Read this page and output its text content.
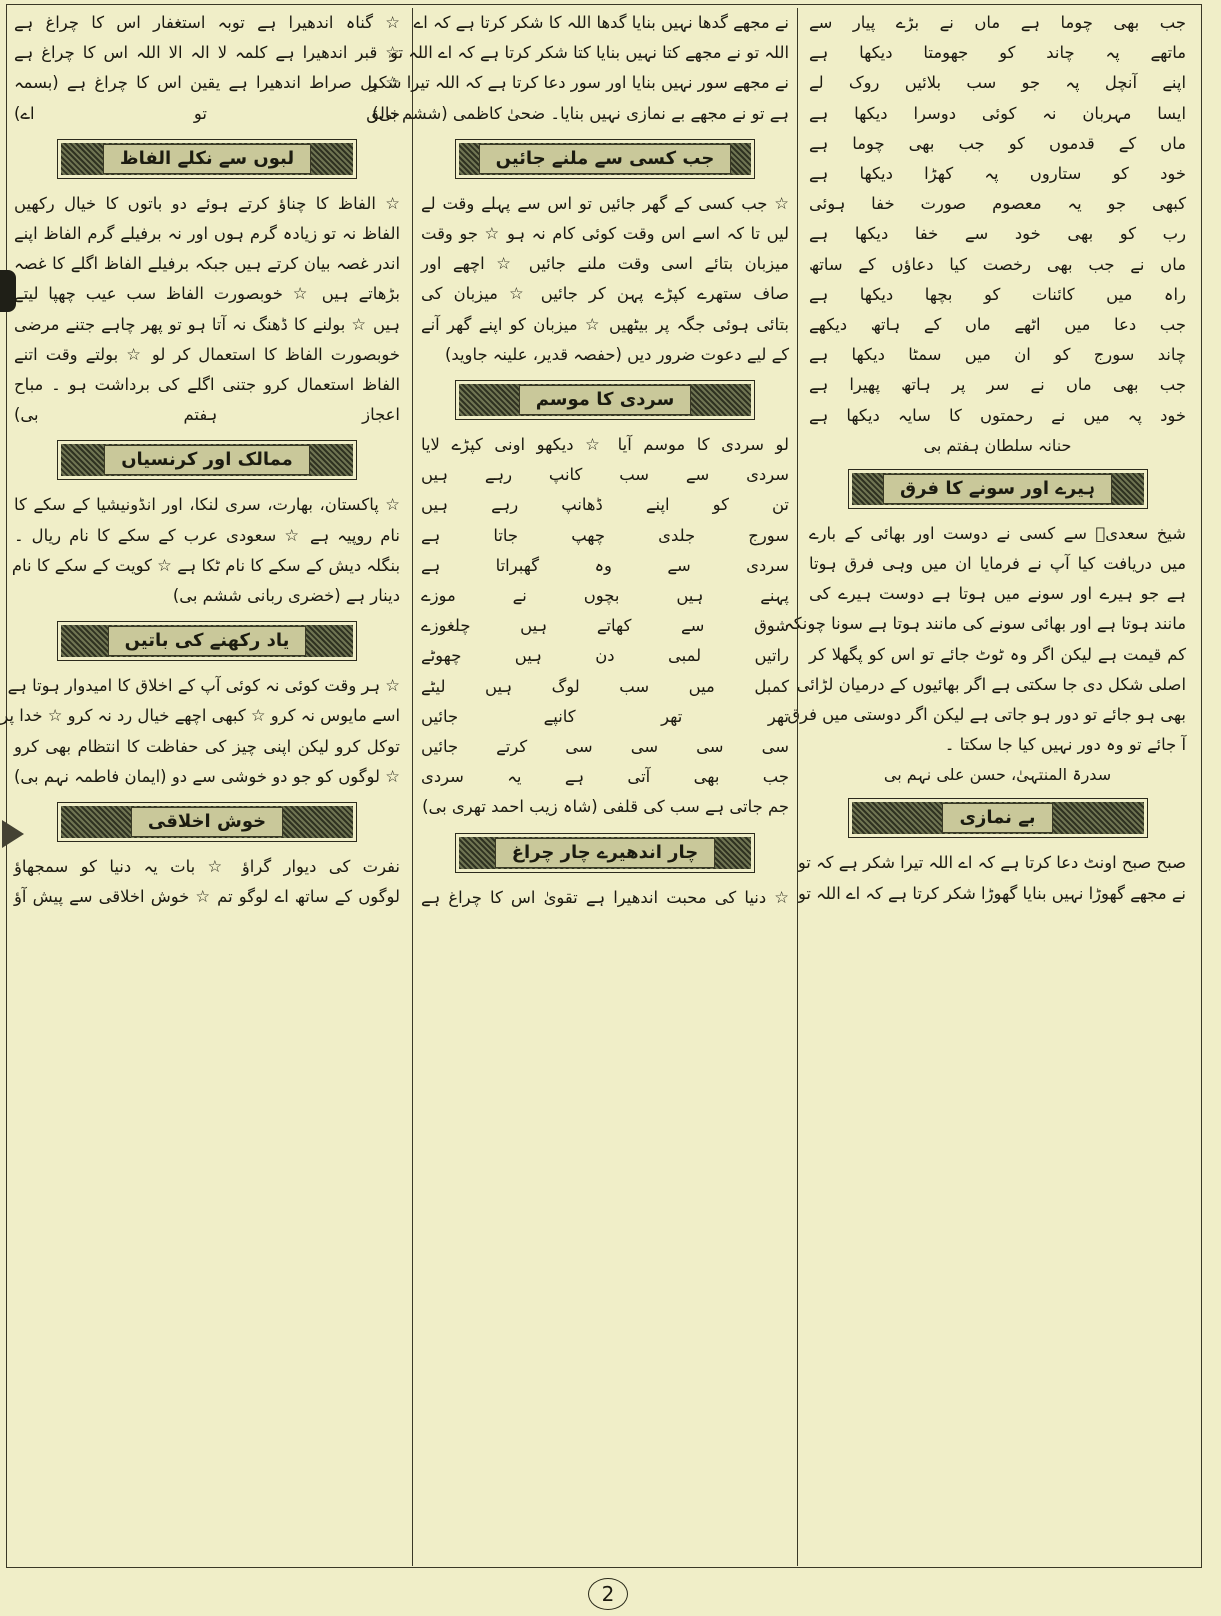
جب بھی چوما ہے ماں نے بڑے پیار سے
ماتھے پہ چاند کو جھومتا دیکھا ہے
اپنے آنچل پہ جو سب بلائیں روک لے
ایسا مہربان نہ کوئی دوسرا دیکھا ہے
ماں کے قدموں کو جب بھی چوما ہے
خود کو ستاروں پہ کھڑا دیکھا ہے
کبھی جو یہ معصوم صورت خفا ہوئی
رب کو بھی خود سے خفا دیکھا ہے
ماں نے جب بھی رخصت کیا دعاؤں کے ساتھ
راہ میں کائنات کو بچھا دیکھا ہے
جب دعا میں اٹھے ماں کے ہاتھ دیکھے
چاند سورج کو ان میں سمٹا دیکھا ہے
جب بھی ماں نے سر پر ہاتھ پھیرا ہے
خود پہ میں نے رحمتوں کا سایہ دیکھا ہے
حنانہ سلطان ہفتم بی
ہیرے اور سونے کا فرق
شیخ سعدیؒ سے کسی نے دوست اور بھائی کے بارے
میں دریافت کیا آپ نے فرمایا ان میں وہی فرق ہوتا
ہے جو ہیرے اور سونے میں ہوتا ہے دوست ہیرے کی
مانند ہوتا ہے اور بھائی سونے کی مانند ہوتا ہے سونا چونکہ
کم قیمت ہے لیکن اگر وہ ٹوٹ جائے تو اس کو پگھلا کر
اصلی شکل دی جا سکتی ہے اگر بھائیوں کے درمیان لڑائی
بھی ہو جائے تو دور ہو جاتی ہے لیکن اگر دوستی میں فرق
آ جائے تو وہ دور نہیں کیا جا سکتا ۔
سدرۃ المنتہیٰ، حسن علی نہم بی
بے نمازی
صبح صبح اونٹ دعا کرتا ہے کہ اے اللہ تیرا شکر ہے کہ تو
نے مجھے گھوڑا نہیں بنایا گھوڑا شکر کرتا ہے کہ اے اللہ تو
نے مجھے گدھا نہیں بنایا گدھا اللہ کا شکر کرتا ہے کہ اے
اللہ تو نے مجھے کتا نہیں بنایا کتا شکر کرتا ہے کہ اے اللہ تو
نے مجھے سور نہیں بنایا اور سور دعا کرتا ہے کہ اللہ تیرا شکر
ہے تو نے مجھے بے نمازی نہیں بنایا۔ ضحیٰ کاظمی (ششم بی)
جب کسی سے ملنے جائیں
☆ جب کسی کے گھر جائیں تو اس سے پہلے وقت لے
لیں تا کہ اسے اس وقت کوئی کام نہ ہو ☆ جو وقت
میزبان بتائے اسی وقت ملنے جائیں ☆ اچھے اور
صاف ستھرے کپڑے پہن کر جائیں ☆ میزبان کی
بتائی ہوئی جگہ پر بیٹھیں ☆ میزبان کو اپنے گھر آنے
کے لیے دعوت ضرور دیں (حفصہ قدیر، علینہ جاوید)
سردی کا موسم
لو سردی کا موسم آیا ☆ دیکھو اونی کپڑے لایا
سردی سے سب کانپ رہے ہیں
تن کو اپنے ڈھانپ رہے ہیں
سورج جلدی چھپ جاتا ہے
سردی سے وہ گھبراتا ہے
پہنے ہیں بچوں نے موزے
شوق سے کھاتے ہیں چلغوزے
راتیں لمبی دن ہیں چھوٹے
کمبل میں سب لوگ ہیں لیٹے
تھر تھر کانپے جائیں
سی سی سی سی کرتے جائیں
جب بھی آتی ہے یہ سردی
جم جاتی ہے سب کی قلفی (شاہ زیب احمد تھری بی)
چار اندھیرے چار چراغ
☆ دنیا کی محبت اندھیرا ہے تقویٰ اس کا چراغ ہے
☆ گناہ اندھیرا ہے توبہ استغفار اس کا چراغ ہے
☆ قبر اندھیرا ہے کلمہ لا الہ الا اللہ اس کا چراغ ہے
☆ پل صراط اندھیرا ہے یقین اس کا چراغ ہے (بسمہ
خالق تو اے)
لبوں سے نکلے الفاظ
☆ الفاظ کا چناؤ کرتے ہوئے دو باتوں کا خیال رکھیں
الفاظ نہ تو زیادہ گرم ہوں اور نہ برفیلے گرم الفاظ اپنے
اندر غصہ بیان کرتے ہیں جبکہ برفیلے الفاظ اگلے کا غصہ
بڑھاتے ہیں ☆ خوبصورت الفاظ سب عیب چھپا لیتے
ہیں ☆ بولنے کا ڈھنگ نہ آتا ہو تو پھر چاہے جتنے مرضی
خوبصورت الفاظ کا استعمال کر لو ☆ بولتے وقت اتنے
الفاظ استعمال کرو جتنی اگلے کی برداشت ہو ۔ مباح
اعجاز ہفتم بی)
ممالک اور کرنسیاں
☆ پاکستان، بھارت، سری لنکا، اور انڈونیشیا کے سکے کا
نام روپیہ ہے ☆ سعودی عرب کے سکے کا نام ریال ۔
بنگلہ دیش کے سکے کا نام ٹکا ہے ☆ کویت کے سکے کا نام
دینار ہے (خضری ربانی ششم بی)
یاد رکھنے کی باتیں
☆ ہر وقت کوئی نہ کوئی آپ کے اخلاق کا امیدوار ہوتا ہے
اسے مایوس نہ کرو ☆ کبھی اچھے خیال رد نہ کرو ☆ خدا پر
توکل کرو لیکن اپنی چیز کی حفاظت کا انتظام بھی کرو
☆ لوگوں کو جو دو خوشی سے دو (ایمان فاطمہ نہم بی)
خوش اخلاقی
نفرت کی دیوار گراؤ ☆ بات یہ دنیا کو سمجھاؤ
لوگوں کے ساتھ اے لوگو تم ☆ خوش اخلاقی سے پیش آؤ
2
